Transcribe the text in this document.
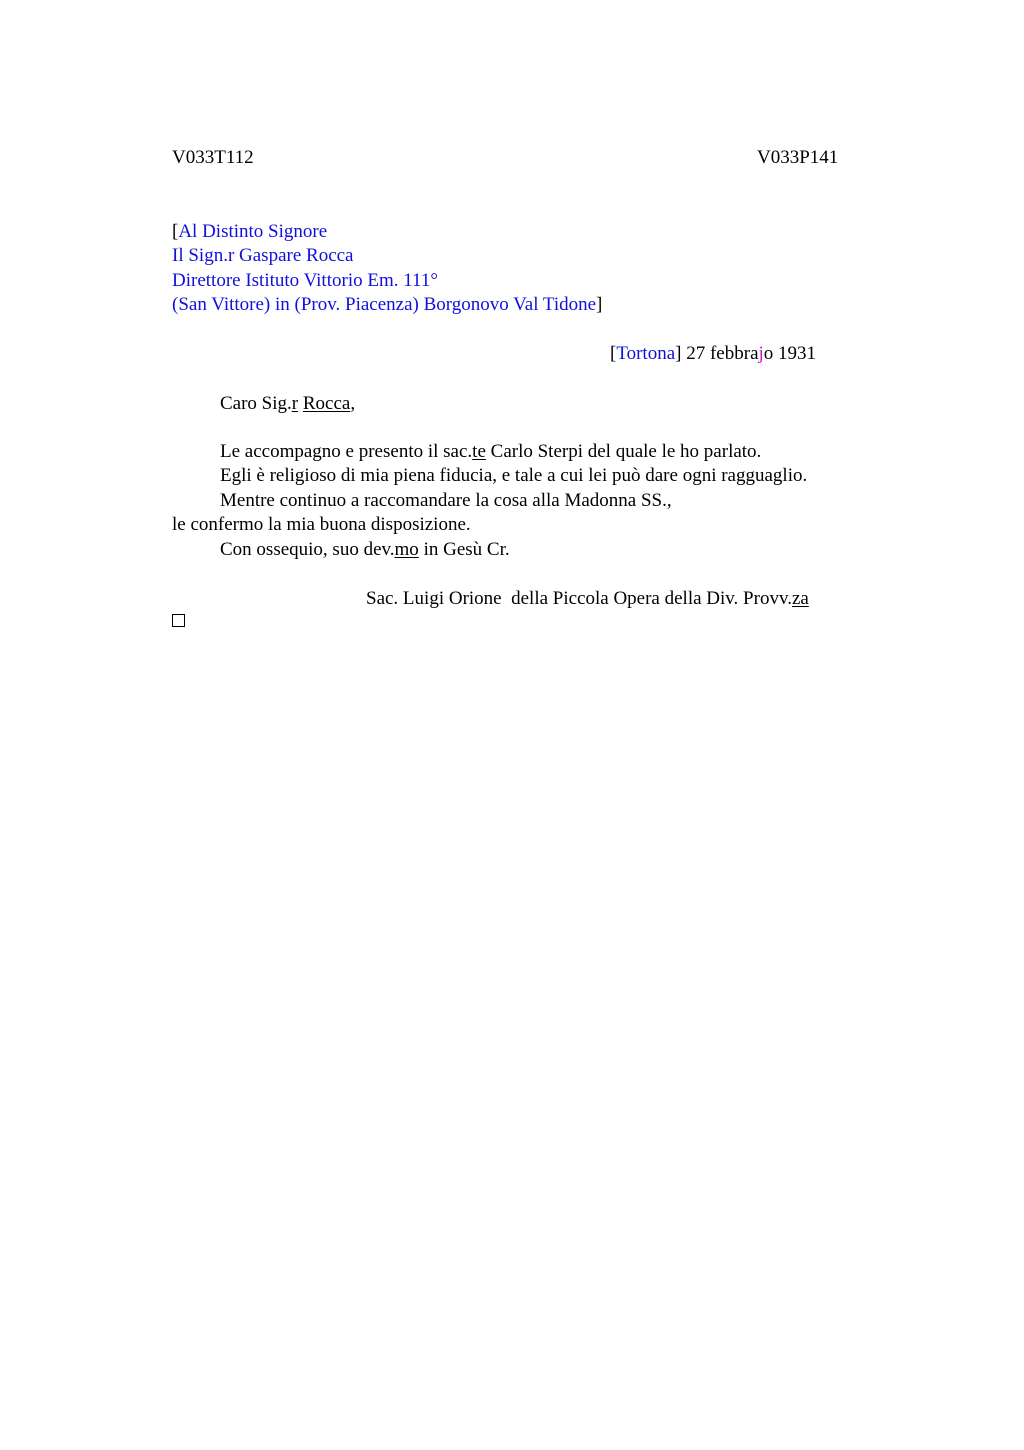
V033T112	V033P141
[Al Distinto Signore
Il Sign.r Gaspare Rocca
Direttore Istituto Vittorio Em. 111°
(San Vittore) in (Prov. Piacenza) Borgonovo Val Tidone]
[Tortona] 27 febbrajo 1931
Caro Sig.r Rocca,
Le accompagno e presento il sac.te Carlo Sterpi del quale le ho parlato.
Egli è religioso di mia piena fiducia, e tale a cui lei può dare ogni ragguaglio.
Mentre continuo a raccomandare la cosa alla Madonna SS.,
le confermo la mia buona disposizione.
Con ossequio, suo dev.mo in Gesù Cr.
Sac. Luigi Orione  della Piccola Opera della Div. Provv.za
